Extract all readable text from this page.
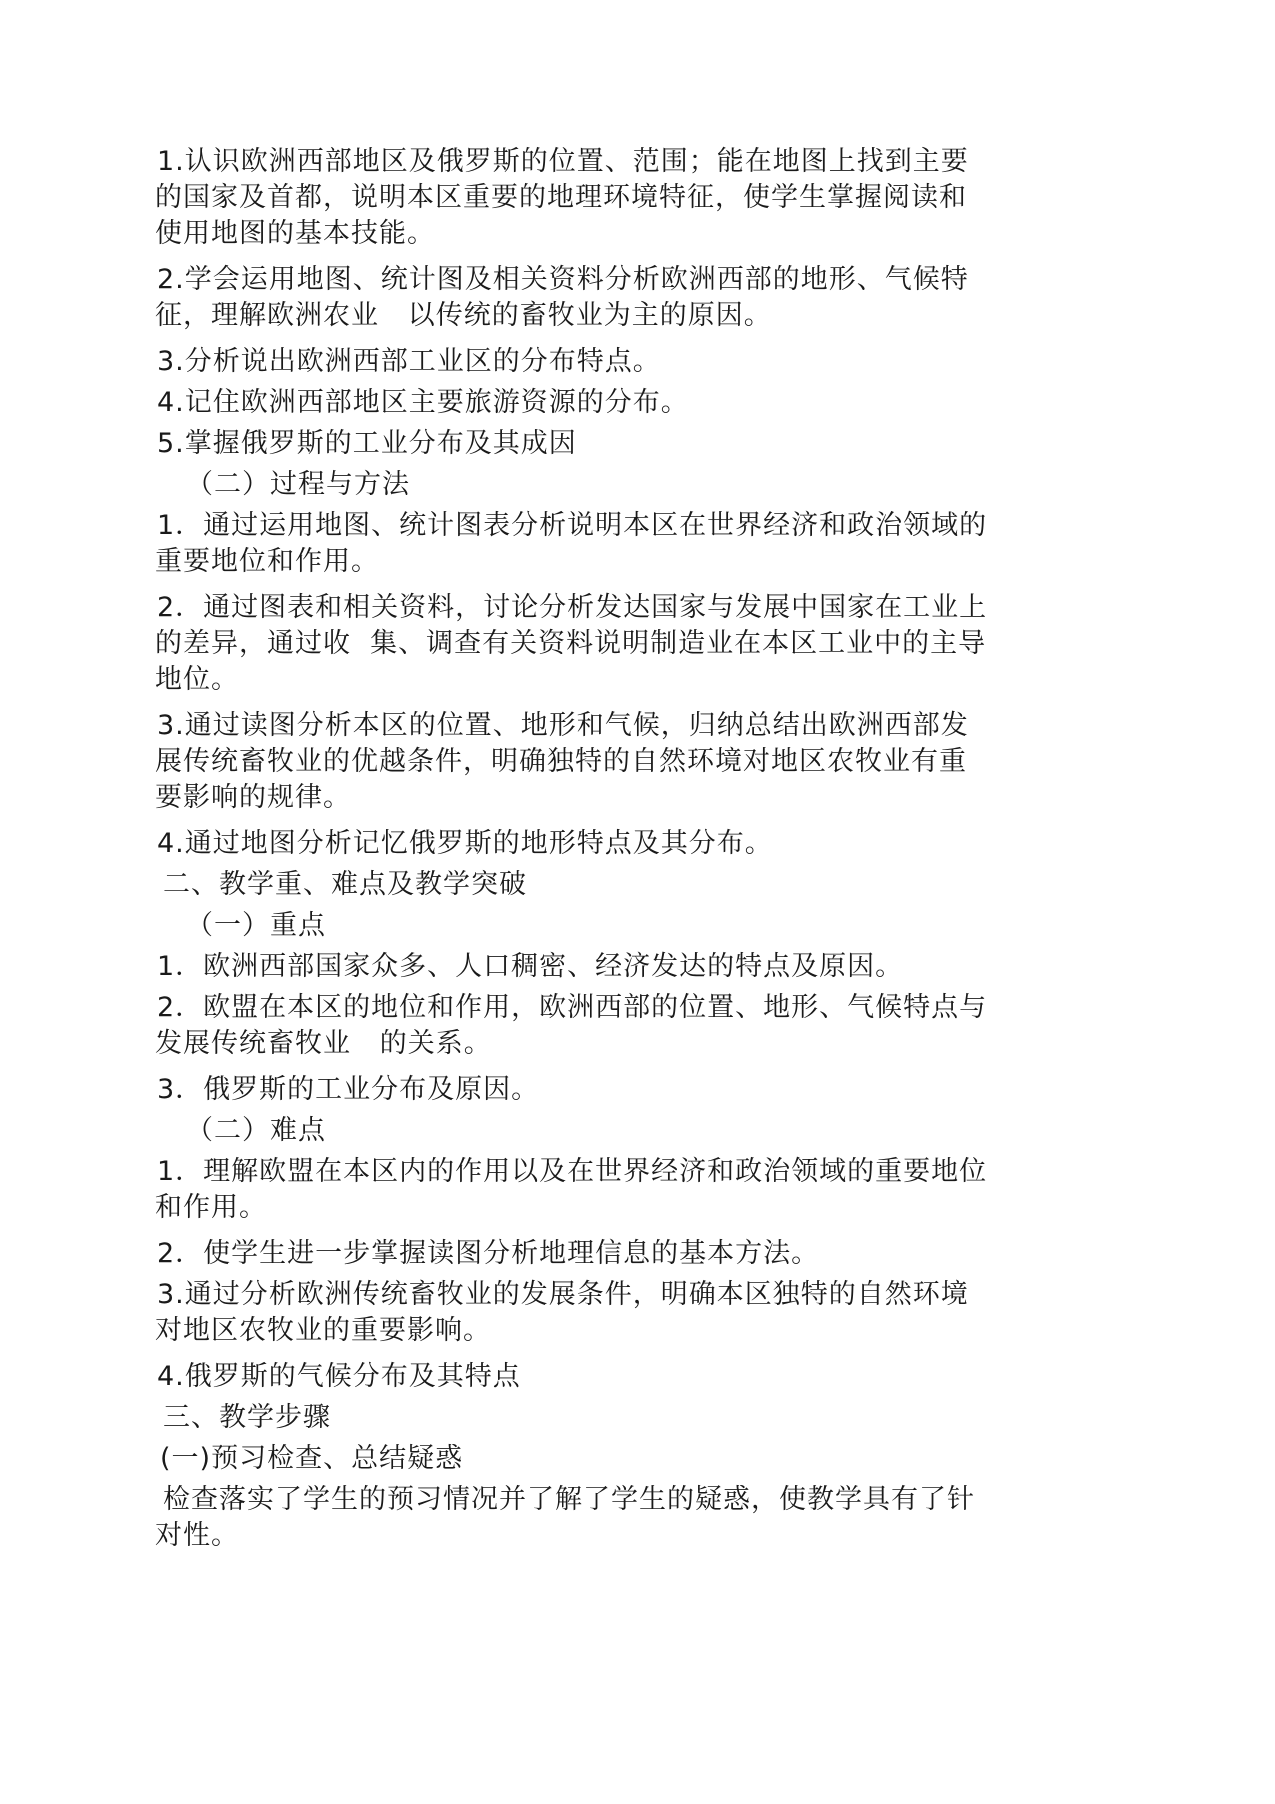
1.认识欧洲西部地区及俄罗斯的位置、范围；能在地图上找到主要
的国家及首都，说明本区重要的地理环境特征，使学生掌握阅读和
使用地图的基本技能。
2.学会运用地图、统计图及相关资料分析欧洲西部的地形、气候特
征，理解欧洲农业   以传统的畜牧业为主的原因。
3.分析说出欧洲西部工业区的分布特点。
4.记住欧洲西部地区主要旅游资源的分布。
5.掌握俄罗斯的工业分布及其成因
（二）过程与方法
1．通过运用地图、统计图表分析说明本区在世界经济和政治领域的
重要地位和作用。
2．通过图表和相关资料，讨论分析发达国家与发展中国家在工业上
的差异，通过收  集、调查有关资料说明制造业在本区工业中的主导
地位。
3.通过读图分析本区的位置、地形和气候，归纳总结出欧洲西部发
展传统畜牧业的优越条件，明确独特的自然环境对地区农牧业有重
要影响的规律。
4.通过地图分析记忆俄罗斯的地形特点及其分布。
二、教学重、难点及教学突破
（一）重点
1．欧洲西部国家众多、人口稠密、经济发达的特点及原因。
2．欧盟在本区的地位和作用，欧洲西部的位置、地形、气候特点与
发展传统畜牧业   的关系。
3．俄罗斯的工业分布及原因。
（二）难点
1．理解欧盟在本区内的作用以及在世界经济和政治领域的重要地位
和作用。
2．使学生进一步掌握读图分析地理信息的基本方法。
3.通过分析欧洲传统畜牧业的发展条件，明确本区独特的自然环境
对地区农牧业的重要影响。
4.俄罗斯的气候分布及其特点
三、教学步骤
(一)预习检查、总结疑惑
检查落实了学生的预习情况并了解了学生的疑惑，使教学具有了针
对性。
